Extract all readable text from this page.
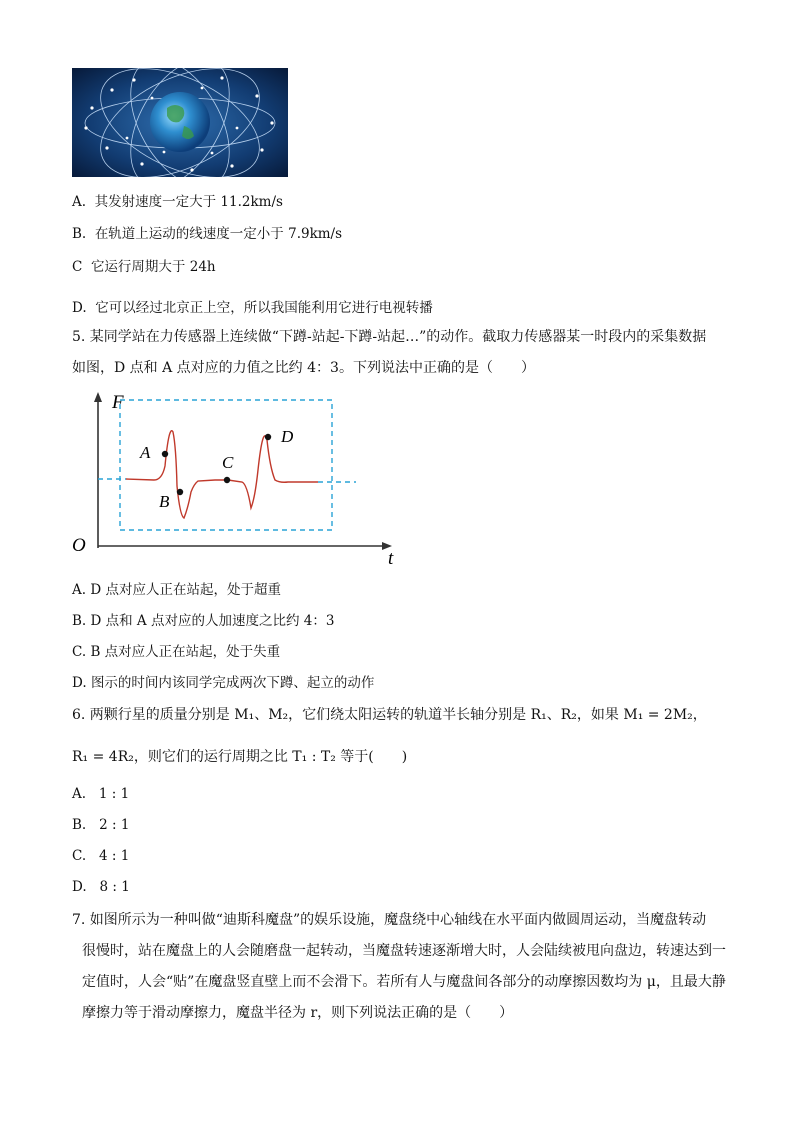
A. 其发射速度一定大于 11.2km/s
B. 在轨道上运动的线速度一定小于 7.9km/s
C 它运行周期大于 24h
D. 它可以经过北京正上空，所以我国能利用它进行电视转播
5. 某同学站在力传感器上连续做“下蹲-站起-下蹲-站起…”的动作。截取力传感器某一时段内的采集数据
如图，D 点和 A 点对应的力值之比约 4：3。下列说法中正确的是（　　）
F
t
O
A
B
C
D
A. D 点对应人正在站起，处于超重
B. D 点和 A 点对应的人加速度之比约 4：3
C. B 点对应人正在站起，处于失重
D. 图示的时间内该同学完成两次下蹲、起立的动作
6. 两颗行星的质量分别是 M₁、M₂，它们绕太阳运转的轨道半长轴分别是 R₁、R₂，如果 M₁ = 2M₂，
R₁ = 4R₂，则它们的运行周期之比 T₁ : T₂ 等于(　　)
A. 1 : 1
B. 2 : 1
C. 4 : 1
D. 8 : 1
7. 如图所示为一种叫做“迪斯科魔盘”的娱乐设施，魔盘绕中心轴线在水平面内做圆周运动，当魔盘转动
很慢时，站在魔盘上的人会随磨盘一起转动，当魔盘转速逐渐增大时，人会陆续被甩向盘边，转速达到一
定值时，人会“贴”在魔盘竖直壁上而不会滑下。若所有人与魔盘间各部分的动摩擦因数均为 μ，且最大静
摩擦力等于滑动摩擦力，魔盘半径为 r，则下列说法正确的是（　　）
